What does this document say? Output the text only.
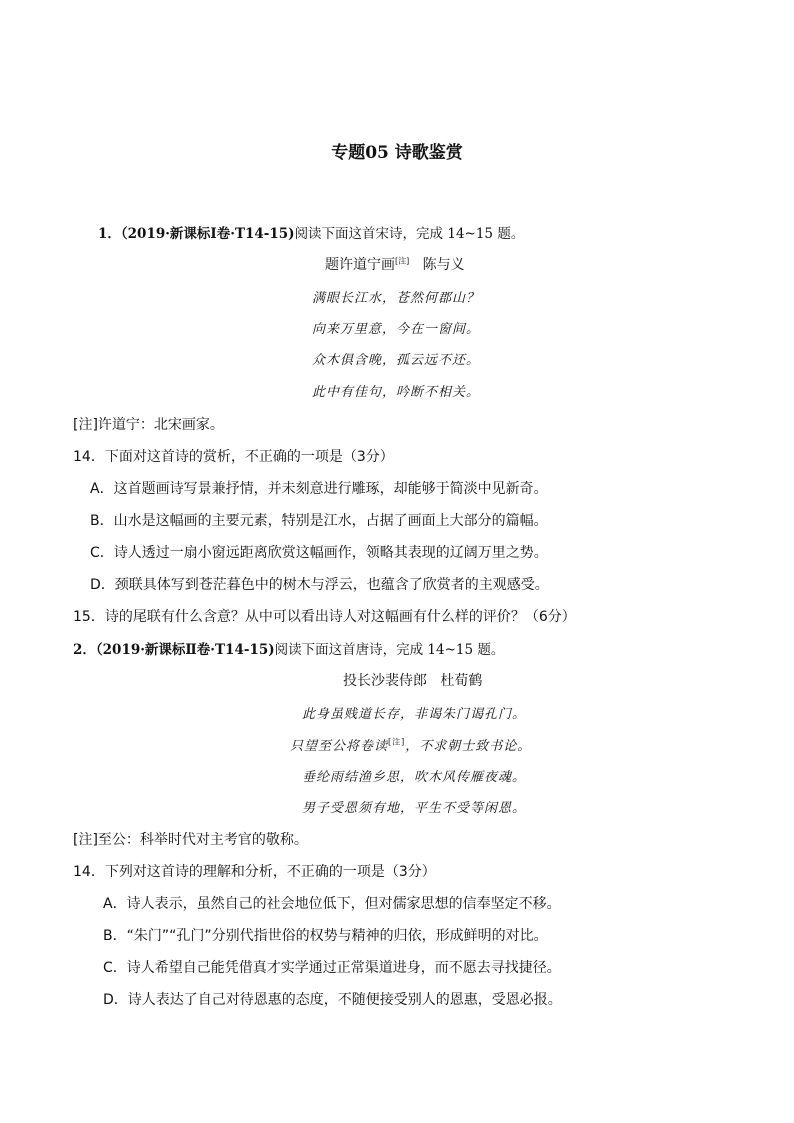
专题05 诗歌鉴赏
1．（2019·新课标Ⅰ卷·T14-15)阅读下面这首宋诗，完成 14~15 题。
题许道宁画[注] 陈与义
满眼长江水，苍然何郡山？
向来万里意，今在一窗间。
众木俱含晚，孤云远不还。
此中有佳句，吟断不相关。
[注]许道宁：北宋画家。
14．下面对这首诗的赏析，不正确的一项是（3分）
A．这首题画诗写景兼抒情，并未刻意进行雕琢，却能够于简淡中见新奇。
B．山水是这幅画的主要元素，特别是江水，占据了画面上大部分的篇幅。
C．诗人透过一扇小窗远距离欣赏这幅画作，领略其表现的辽阔万里之势。
D．颈联具体写到苍茫暮色中的树木与浮云，也蕴含了欣赏者的主观感受。
15．诗的尾联有什么含意？从中可以看出诗人对这幅画有什么样的评价？（6分）
2．（2019·新课标Ⅱ卷·T14-15)阅读下面这首唐诗，完成 14~15 题。
投长沙裴侍郎 杜荀鹤
此身虽贱道长存，非谒朱门谒孔门。
只望至公将卷读[注]，不求朝士致书论。
垂纶雨结渔乡思，吹木风传雁夜魂。
男子受恩须有地，平生不受等闲恩。
[注]至公：科举时代对主考官的敬称。
14．下列对这首诗的理解和分析，不正确的一项是（3分）
A．诗人表示，虽然自己的社会地位低下，但对儒家思想的信奉坚定不移。
B．“朱门”“孔门”分别代指世俗的权势与精神的归依，形成鲜明的对比。
C．诗人希望自己能凭借真才实学通过正常渠道进身，而不愿去寻找捷径。
D．诗人表达了自己对待恩惠的态度，不随便接受别人的恩惠，受恩必报。
